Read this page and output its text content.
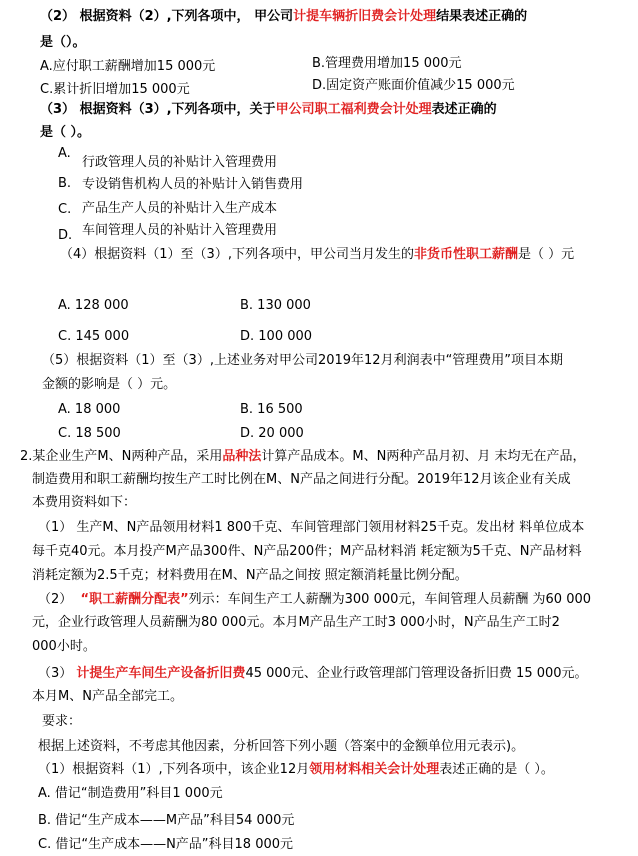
（2） 根据资料（2）,下列各项中， 甲公司计提车辆折旧费会计处理结果表述正确的
是（）。
A.应付职工薪酬增加15 000元	B.管理费用增加15 000元
C.累计折旧增加15 000元	D.固定资产账面价值减少15 000元
（3） 根据资料（3）,下列各项中，关于甲公司职工福利费会计处理表述正确的
是（ ）。
A.
行政管理人员的补贴计入管理费用
B. 专设销售机构人员的补贴计入销售费用
C. 产品生产人员的补贴计入生产成本
D. 车间管理人员的补贴计入管理费用
（4）根据资料（1）至（3）,下列各项中，甲公司当月发生的非货币性职工薪酬是（ ）元
A. 128 000	B. 130 000
C. 145 000	D. 100 000
（5）根据资料（1）至（3）,上述业务对甲公司2019年12月利润表中“管理费用”项目本期
金额的影响是（ ）元。
A. 18 000	B. 16 500
C. 18 500	D. 20 000
2.某企业生产M、N两种产品，采用品种法计算产品成本。M、N两种产品月初、月 末均无在产品，
制造费用和职工薪酬均按生产工时比例在M、N产品之间进行分配。2019年12月该企业有关成
本费用资料如下：
（1） 生产M、N产品领用材料1 800千克、车间管理部门领用材料25千克。发出材 料单位成本
每千克40元。本月投产M产品300件、N产品200件；M产品材料消 耗定额为5千克、N产品材料
消耗定额为2.5千克；材料费用在M、N产品之间按 照定额消耗量比例分配。
（2） “职工薪酬分配表”列示：车间生产工人薪酬为300 000元，车间管理人员薪酬 为60 000
元，企业行政管理人员薪酬为80 000元。本月M产品生产工时3 000小时，N产品生产工时2
000小时。
（3） 计提生产车间生产设备折旧费45 000元、企业行政管理部门管理设备折旧费 15 000元。
本月M、N产品全部完工。
要求：
根据上述资料，不考虑其他因素，分析回答下列小题（答案中的金额单位用元表示)。
（1）根据资料（1）,下列各项中，该企业12月领用材料相关会计处理表述正确的是（ ）。
A. 借记“制造费用”科目1 000元
B. 借记“生产成本——M产品”科目54 000元
C. 借记“生产成本——N产品”科目18 000元
